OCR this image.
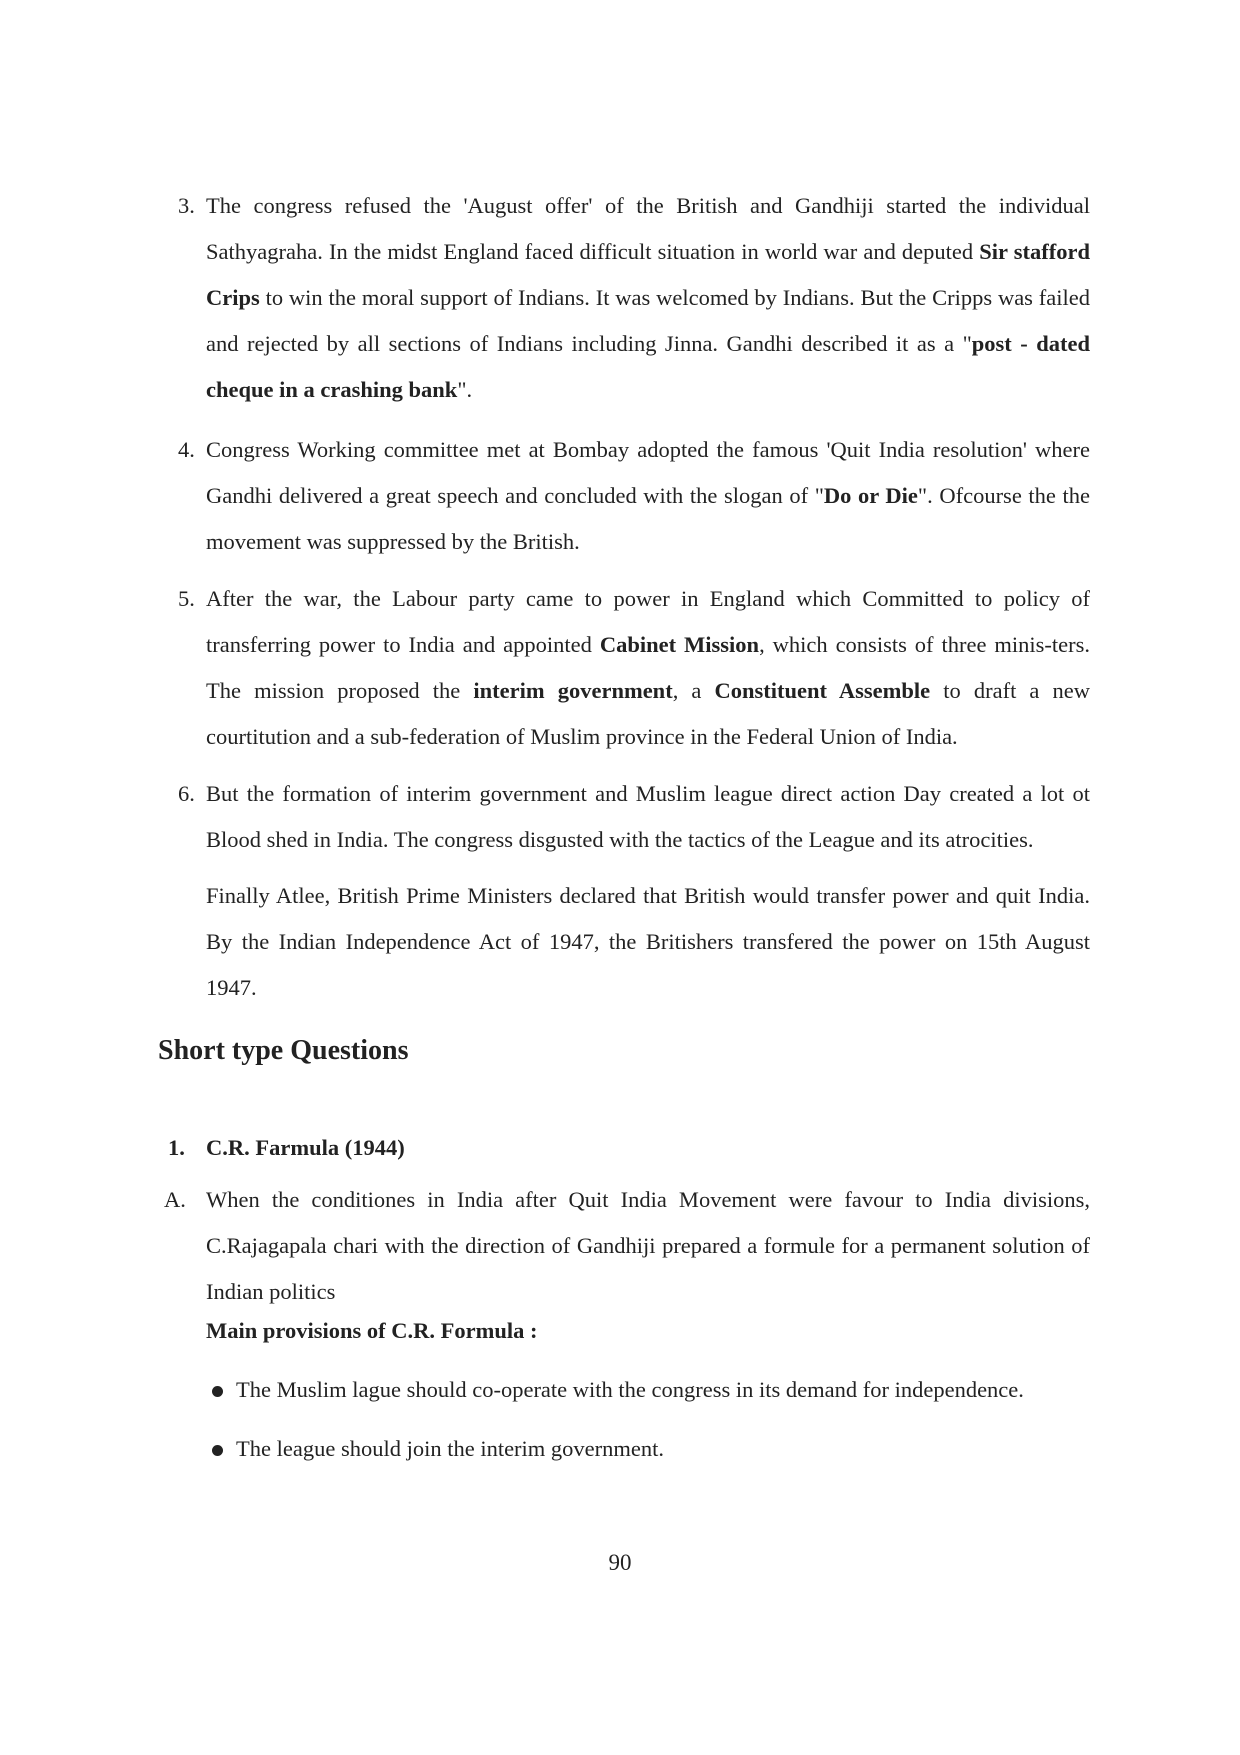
3. The congress refused the 'August offer' of the British and Gandhiji started the individual Sathyagraha. In the midst England faced difficult situation in world war and deputed Sir stafford Crips to win the moral support of Indians. It was welcomed by Indians. But the Cripps was failed and rejected by all sections of Indians including Jinna. Gandhi described it as a "post - dated cheque in a crashing bank".
4. Congress Working committee met at Bombay adopted the famous 'Quit India resolution' where Gandhi delivered a great speech and concluded with the slogan of "Do or Die". Ofcourse the the movement was suppressed by the British.
5. After the war, the Labour party came to power in England which Committed to policy of transferring power to India and appointed Cabinet Mission, which consists of three minis-ters. The mission proposed the interim government, a Constituent Assemble to draft a new courtitution and a sub-federation of Muslim province in the Federal Union of India.
6. But the formation of interim government and Muslim league direct action Day created a lot ot Blood shed in India. The congress disgusted with the tactics of the League and its atrocities.
Finally Atlee, British Prime Ministers declared that British would transfer power and quit India. By the Indian Independence Act of 1947, the Britishers transfered the power on 15th August 1947.
Short type Questions
1. C.R. Farmula (1944)
A. When the conditiones in India after Quit India Movement were favour to India divisions, C.Rajagapala chari with the direction of Gandhiji prepared a formule for a permanent solution of Indian politics
Main provisions of C.R. Formula :
The Muslim lague should co-operate with the congress in its demand for independence.
The league should join the interim government.
90
